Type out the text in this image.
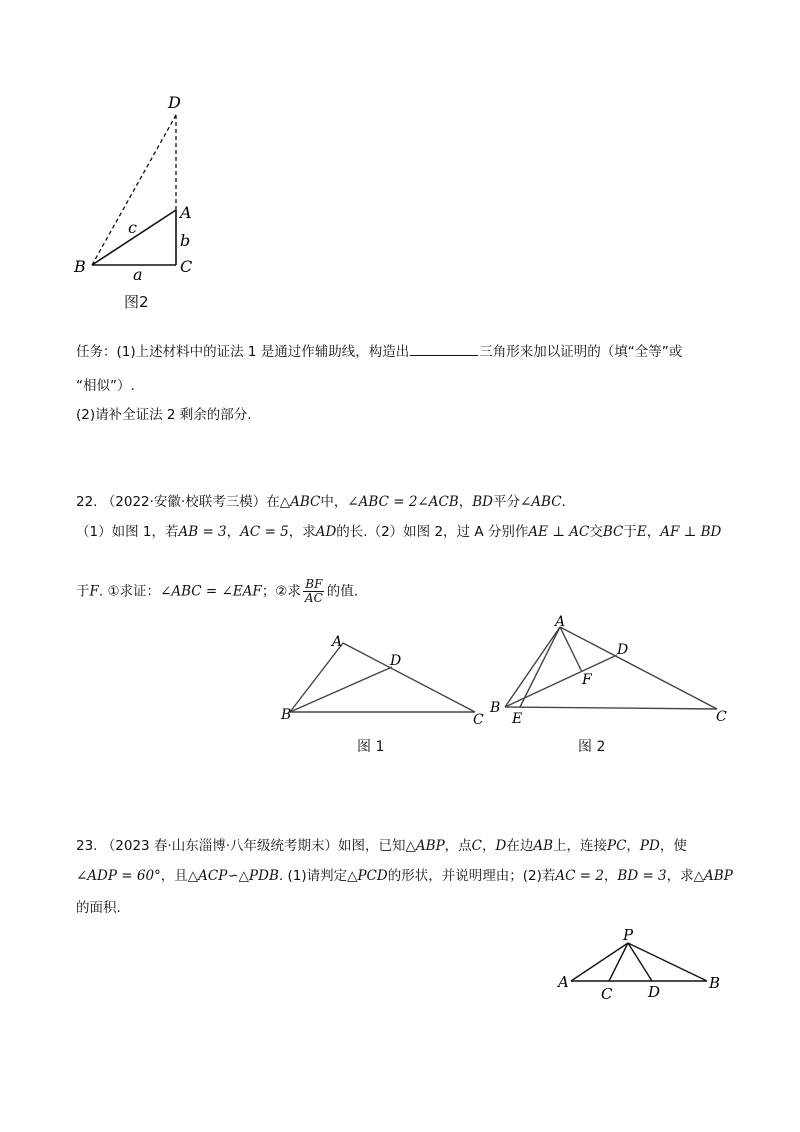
D
A
b
C
B	a
c
图2
任务：(1)上述材料中的证法 1 是通过作辅助线，构造出	三角形来加以证明的（填“全等”或
“相似”）.
(2)请补全证法 2 剩余的部分.
22. （2022·安徽·校联考三模）在△ABC中，∠ABC = 2∠ACB，BD平分∠ABC.
（1）如图 1，若AB = 3，AC = 5，求AD的长.（2）如图 2，过 A 分别作AE ⊥ AC交BC于E，AF ⊥ BD
于F. ①求证：∠ABC = ∠EAF；②求 $\frac{BF}{AC}$ 的值.
A
D
B	C
图 1
A
D
F
B
E	C
图 2
23. （2023 春·山东淄博·八年级统考期末）如图，已知△ABP，点C，D在边AB上，连接PC，PD，使
∠ADP = 60°，且△ACP∽△PDB. (1)请判定△PCD的形状，并说明理由；(2)若AC = 2，BD = 3，求△ABP
的面积.
P
A
C D	B
